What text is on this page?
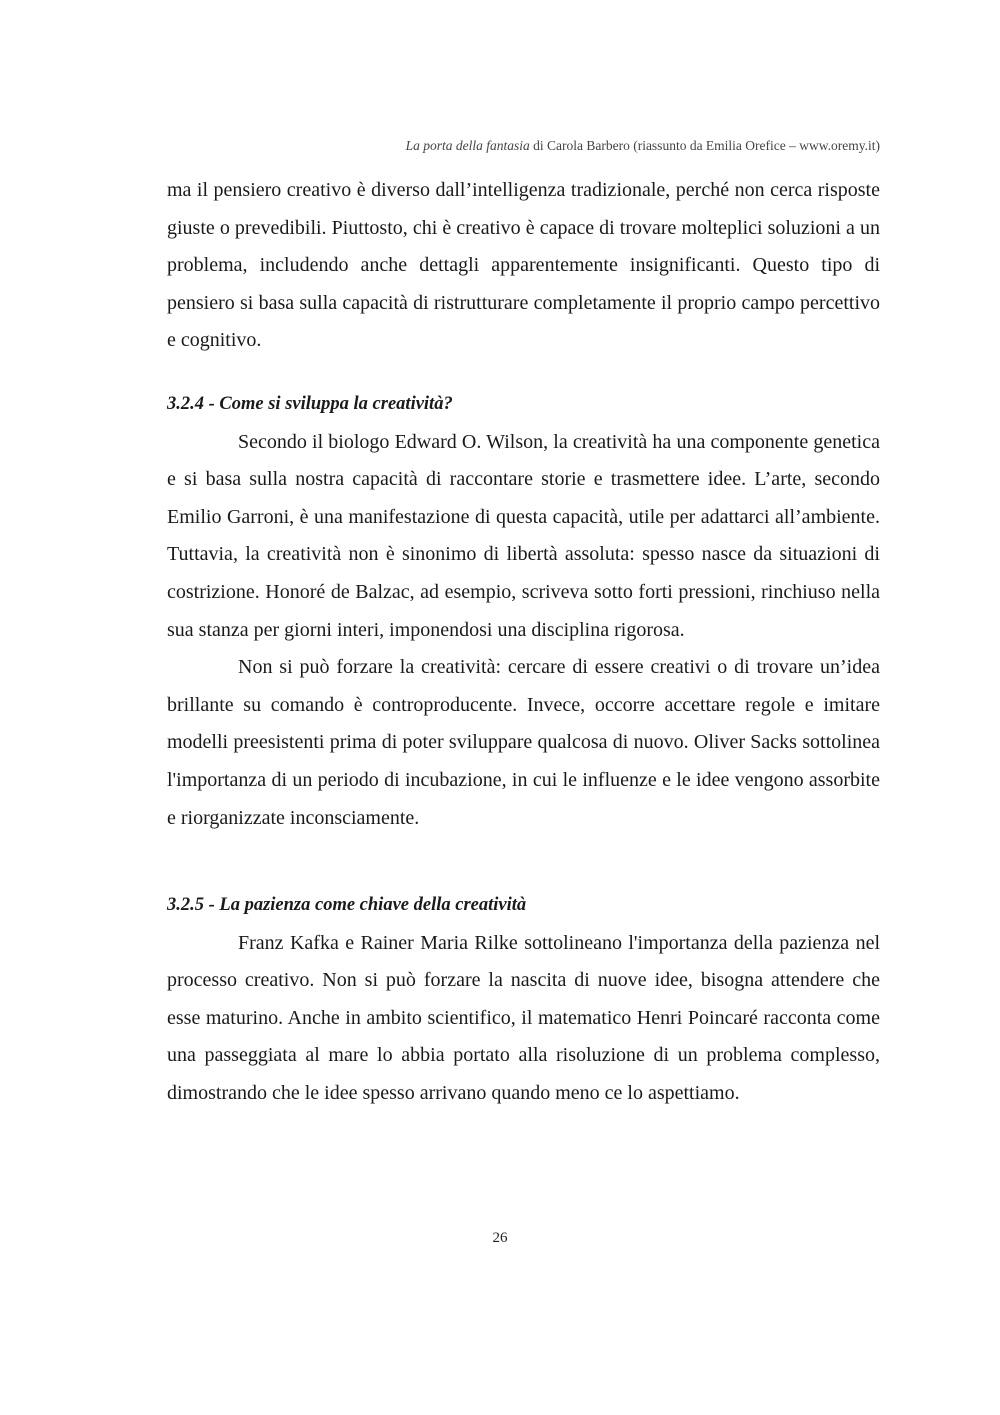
La porta della fantasia di Carola Barbero (riassunto da Emilia Orefice – www.oremy.it)

ma il pensiero creativo è diverso dall’intelligenza tradizionale, perché non cerca risposte giuste o prevedibili. Piuttosto, chi è creativo è capace di trovare molteplici soluzioni a un problema, includendo anche dettagli apparentemente insignificanti. Questo tipo di pensiero si basa sulla capacità di ristrutturare completamente il proprio campo percettivo e cognitivo.

3.2.4 - Come si sviluppa la creatività?

Secondo il biologo Edward O. Wilson, la creatività ha una componente genetica e si basa sulla nostra capacità di raccontare storie e trasmettere idee. L’arte, secondo Emilio Garroni, è una manifestazione di questa capacità, utile per adattarci all’ambiente. Tuttavia, la creatività non è sinonimo di libertà assoluta: spesso nasce da situazioni di costrizione. Honoré de Balzac, ad esempio, scriveva sotto forti pressioni, rinchiuso nella sua stanza per giorni interi, imponendosi una disciplina rigorosa.

Non si può forzare la creatività: cercare di essere creativi o di trovare un’idea brillante su comando è controproducente. Invece, occorre accettare regole e imitare modelli preesistenti prima di poter sviluppare qualcosa di nuovo. Oliver Sacks sottolinea l'importanza di un periodo di incubazione, in cui le influenze e le idee vengono assorbite e riorganizzate inconsciamente.

3.2.5 - La pazienza come chiave della creatività

Franz Kafka e Rainer Maria Rilke sottolineano l'importanza della pazienza nel processo creativo. Non si può forzare la nascita di nuove idee, bisogna attendere che esse maturino. Anche in ambito scientifico, il matematico Henri Poincaré racconta come una passeggiata al mare lo abbia portato alla risoluzione di un problema complesso, dimostrando che le idee spesso arrivano quando meno ce lo aspettiamo.

26
